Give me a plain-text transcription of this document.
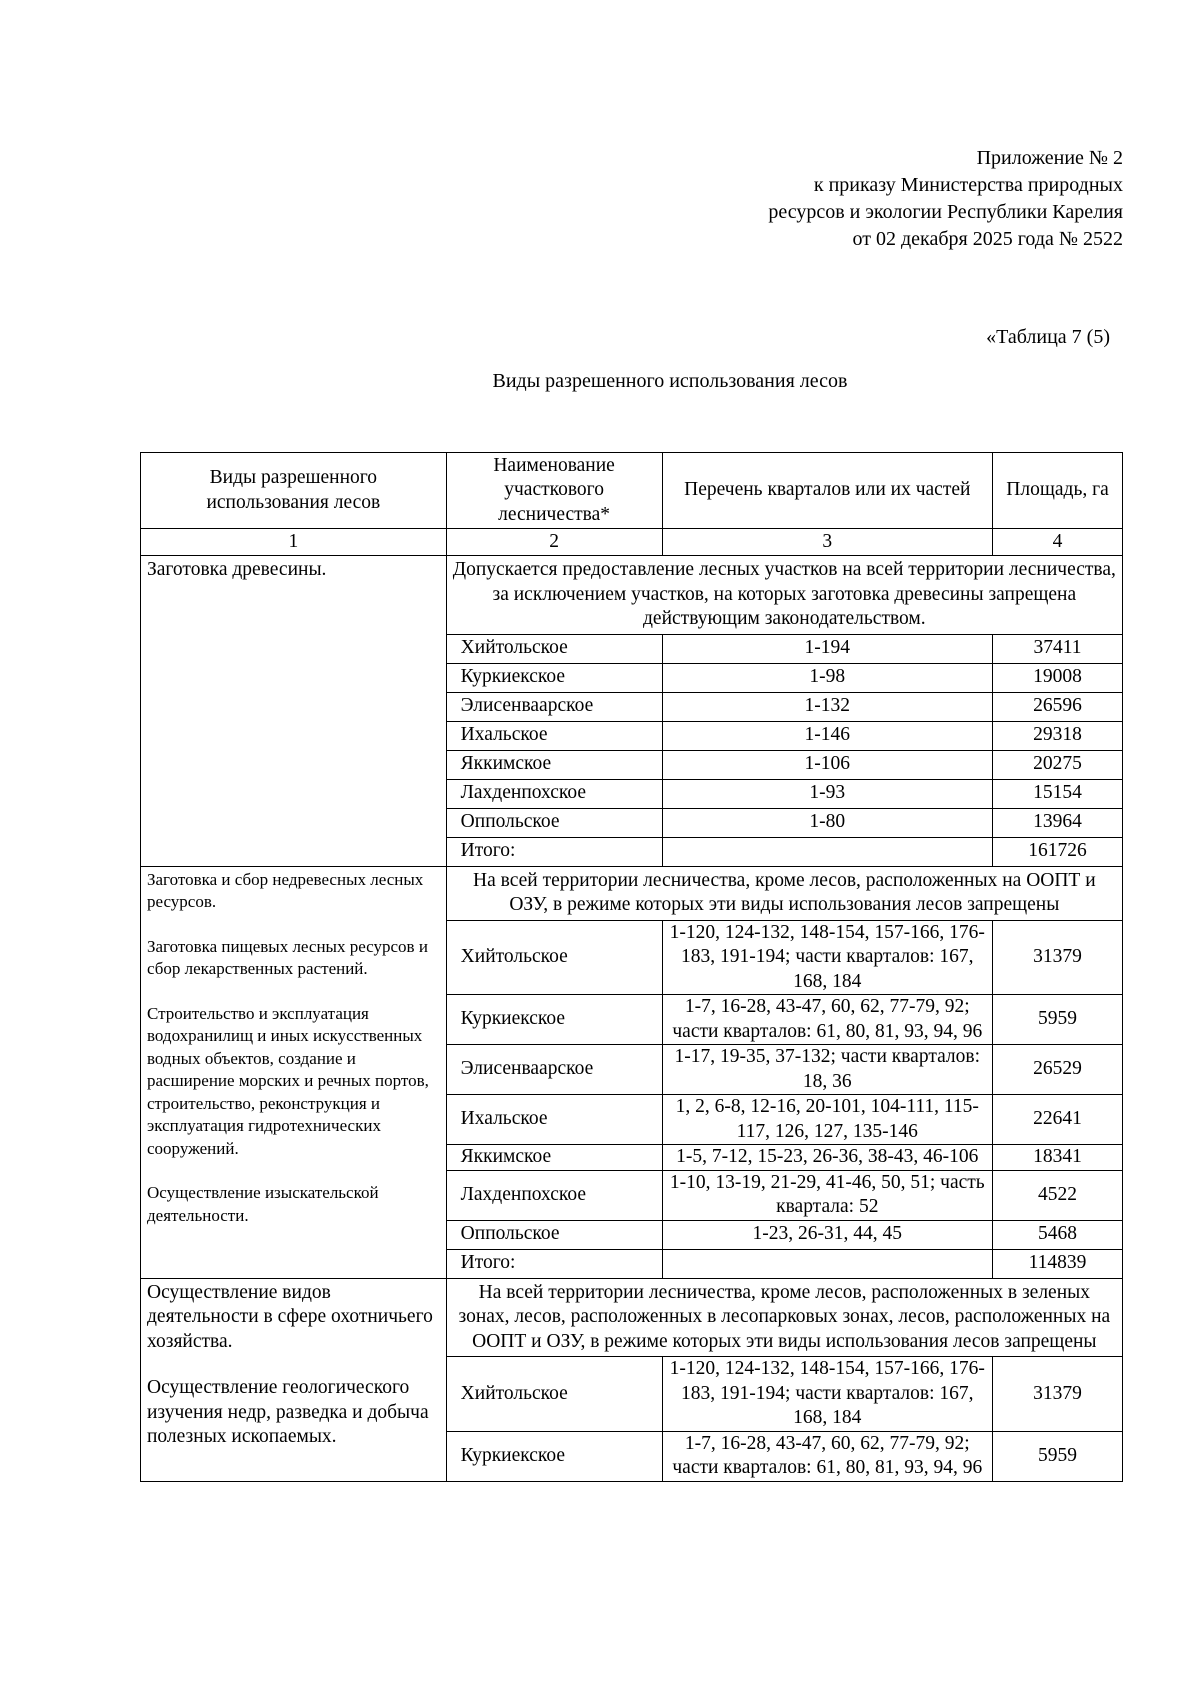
Приложение № 2
к приказу Министерства природных
ресурсов и экологии Республики Карелия
от 02 декабря 2025 года № 2522
«Таблица 7 (5)
Виды разрешенного использования лесов
Виды разрешенного использования лесов	Наименование участкового лесничества*	Перечень кварталов или их частей	Площадь, га
1	2	3	4

Заготовка древесины.	Допускается предоставление лесных участков на всей территории лесничества, за исключением участков, на которых заготовка древесины запрещена действующим законодательством.		
	Хийтольское	1-194	37411
	Куркиекское	1-98	19008
	Элисенваарское	1-132	26596
	Ихальское	1-146	29318
	Яккимское	1-106	20275
	Лахденпохское	1-93	15154
	Оппольское	1-80	13964
	Итого:		161726

Заготовка и сбор недревесных лесных ресурсов.

Заготовка пищевых лесных ресурсов и сбор лекарственных растений.

Строительство и эксплуатация водохранилищ и иных искусственных водных объектов, создание и расширение морских и речных портов, строительство, реконструкция и эксплуатация гидротехнических сооружений.

Осуществление изыскательской деятельности.	На всей территории лесничества, кроме лесов, расположенных на ООПТ и ОЗУ, в режиме которых эти виды использования лесов запрещены		
	Хийтольское	1-120, 124-132, 148-154, 157-166, 176-183, 191-194; части кварталов: 167, 168, 184	31379
	Куркиекское	1-7, 16-28, 43-47, 60, 62, 77-79, 92; части кварталов: 61, 80, 81, 93, 94, 96	5959
	Элисенваарское	1-17, 19-35, 37-132; части кварталов: 18, 36	26529
	Ихальское	1, 2, 6-8, 12-16, 20-101, 104-111, 115-117, 126, 127, 135-146	22641
	Яккимское	1-5, 7-12, 15-23, 26-36, 38-43, 46-106	18341
	Лахденпохское	1-10, 13-19, 21-29, 41-46, 50, 51; часть квартала: 52	4522
	Оппольское	1-23, 26-31, 44, 45	5468
	Итого:		114839

Осуществление видов деятельности в сфере охотничьего хозяйства.

Осуществление геологического изучения недр, разведка и добыча полезных ископаемых.	На всей территории лесничества, кроме лесов, расположенных в зеленых зонах, лесов, расположенных в лесопарковых зонах, лесов, расположенных на ООПТ и ОЗУ, в режиме которых эти виды использования лесов запрещены		
	Хийтольское	1-120, 124-132, 148-154, 157-166, 176-183, 191-194; части кварталов: 167, 168, 184	31379
	Куркиекское	1-7, 16-28, 43-47, 60, 62, 77-79, 92; части кварталов: 61, 80, 81, 93, 94, 96	5959
